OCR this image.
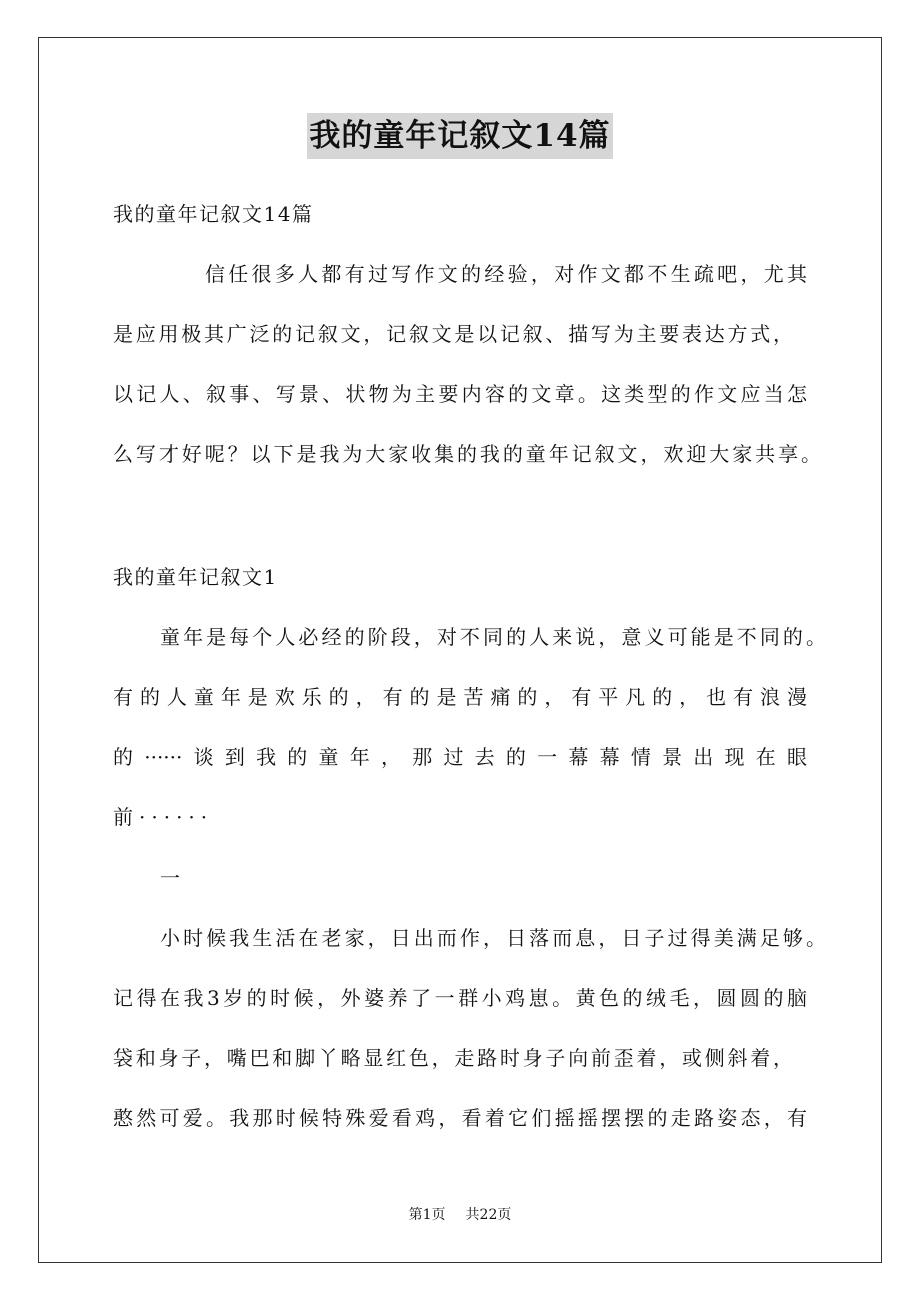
我的童年记叙文14篇
我的童年记叙文14篇
信任很多人都有过写作文的经验，对作文都不生疏吧，尤其
是应用极其广泛的记叙文，记叙文是以记叙、描写为主要表达方式，
以记人、叙事、写景、状物为主要内容的文章。这类型的作文应当怎
么写才好呢？以下是我为大家收集的我的童年记叙文，欢迎大家共享。
我的童年记叙文1
童年是每个人必经的阶段，对不同的人来说，意义可能是不同的。
有的人童年是欢乐的，有的是苦痛的，有平凡的，也有浪漫
的······谈到我的童年，那过去的一幕幕情景出现在眼
前······
一
小时候我生活在老家，日出而作，日落而息，日子过得美满足够。
记得在我3岁的时候，外婆养了一群小鸡崽。黄色的绒毛，圆圆的脑
袋和身子，嘴巴和脚丫略显红色，走路时身子向前歪着，或侧斜着，
憨然可爱。我那时候特殊爱看鸡，看着它们摇摇摆摆的走路姿态，有
第1页 共22页
